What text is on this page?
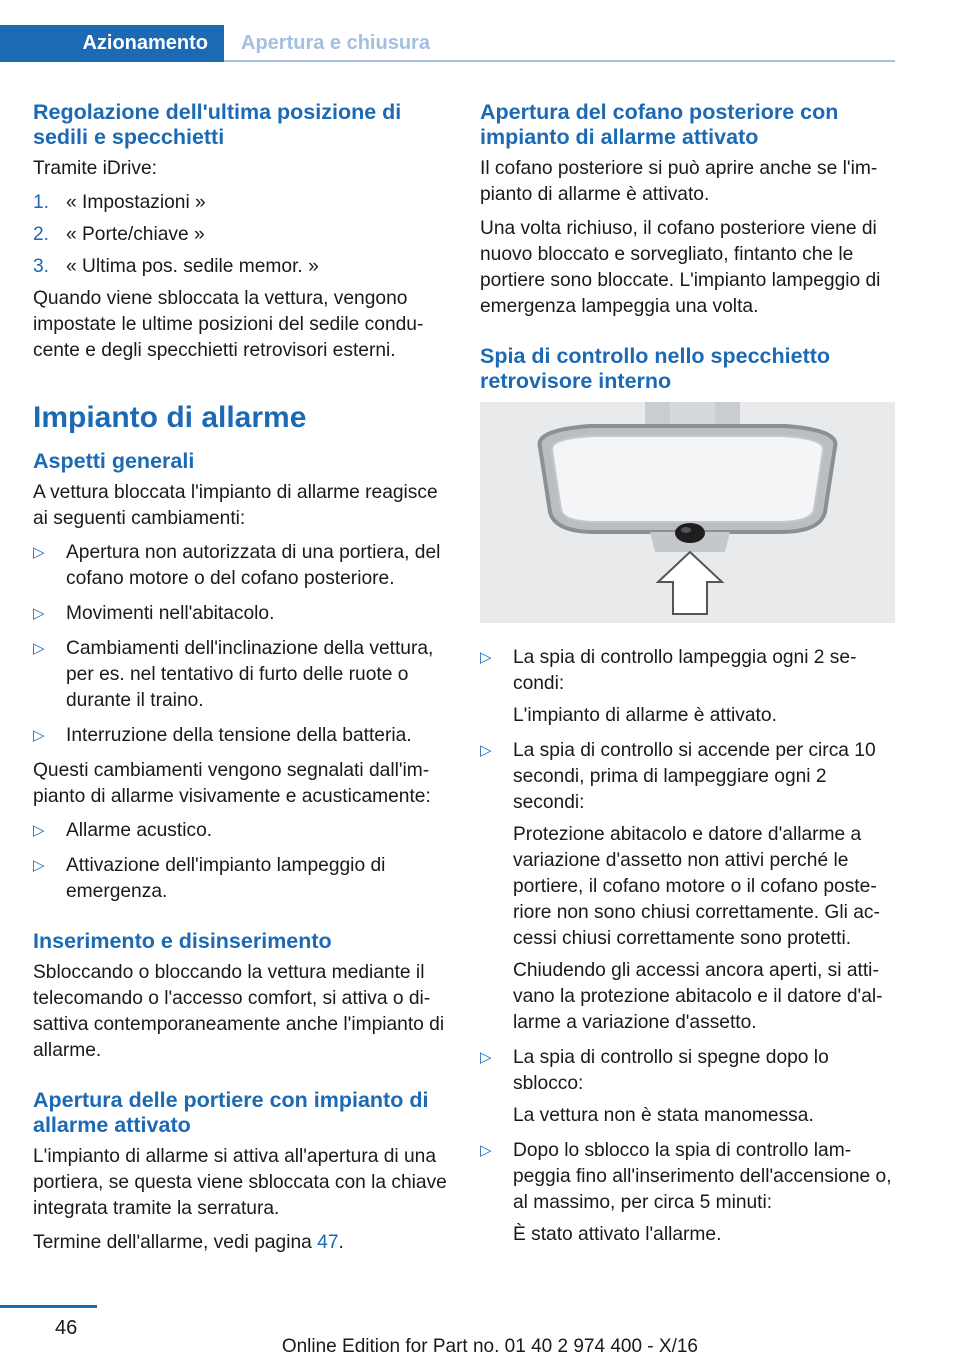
Azionamento	Apertura e chiusura
Regolazione dell'ultima posizione di sedili e specchietti

Tramite iDrive:

1. « Impostazioni »
2. « Porte/chiave »
3. « Ultima pos. sedile memor. »

Quando viene sbloccata la vettura, vengono impostate le ultime posizioni del sedile conducente e degli specchietti retrovisori esterni.

Impianto di allarme
Aspetti generali

A vettura bloccata l'impianto di allarme reagisce ai seguenti cambiamenti:

▷ Apertura non autorizzata di una portiera, del cofano motore o del cofano posteriore.
▷ Movimenti nell'abitacolo.
▷ Cambiamenti dell'inclinazione della vettura, per es. nel tentativo di furto delle ruote o durante il traino.
▷ Interruzione della tensione della batteria.

Questi cambiamenti vengono segnalati dall'impianto di allarme visivamente e acusticamente:

▷ Allarme acustico.
▷ Attivazione dell'impianto lampeggio di emergenza.
Inserimento e disinserimento

Sbloccando o bloccando la vettura mediante il telecomando o l'accesso comfort, si attiva o disattiva contemporaneamente anche l'impianto di allarme.

Apertura delle portiere con impianto di allarme attivato

L'impianto di allarme si attiva all'apertura di una portiera, se questa viene sbloccata con la chiave integrata tramite la serratura.

Termine dell'allarme, vedi pagina 47.

Apertura del cofano posteriore con impianto di allarme attivato

Il cofano posteriore si può aprire anche se l'impianto di allarme è attivato.

Una volta richiuso, il cofano posteriore viene di nuovo bloccato e sorvegliato, fintanto che le portiere sono bloccate. L'impianto lampeggio di emergenza lampeggia una volta.

Spia di controllo nello specchietto retrovisore interno
▷ La spia di controllo lampeggia ogni 2 secondi:
L'impianto di allarme è attivato.
▷ La spia di controllo si accende per circa 10 secondi, prima di lampeggiare ogni 2 secondi:
Protezione abitacolo e datore d'allarme a variazione d'assetto non attivi perché le portiere, il cofano motore o il cofano posteriore non sono chiusi correttamente. Gli accessi chiusi correttamente sono protetti.
Chiudendo gli accessi ancora aperti, si attivano la protezione abitacolo e il datore d'allarme a variazione d'assetto.
▷ La spia di controllo si spegne dopo lo sblocco:
La vettura non è stata manomessa.
▷ Dopo lo sblocco la spia di controllo lampeggia fino all'inserimento dell'accensione o, al massimo, per circa 5 minuti:
È stato attivato l'allarme.
46
Online Edition for Part no. 01 40 2 974 400 - X/16
